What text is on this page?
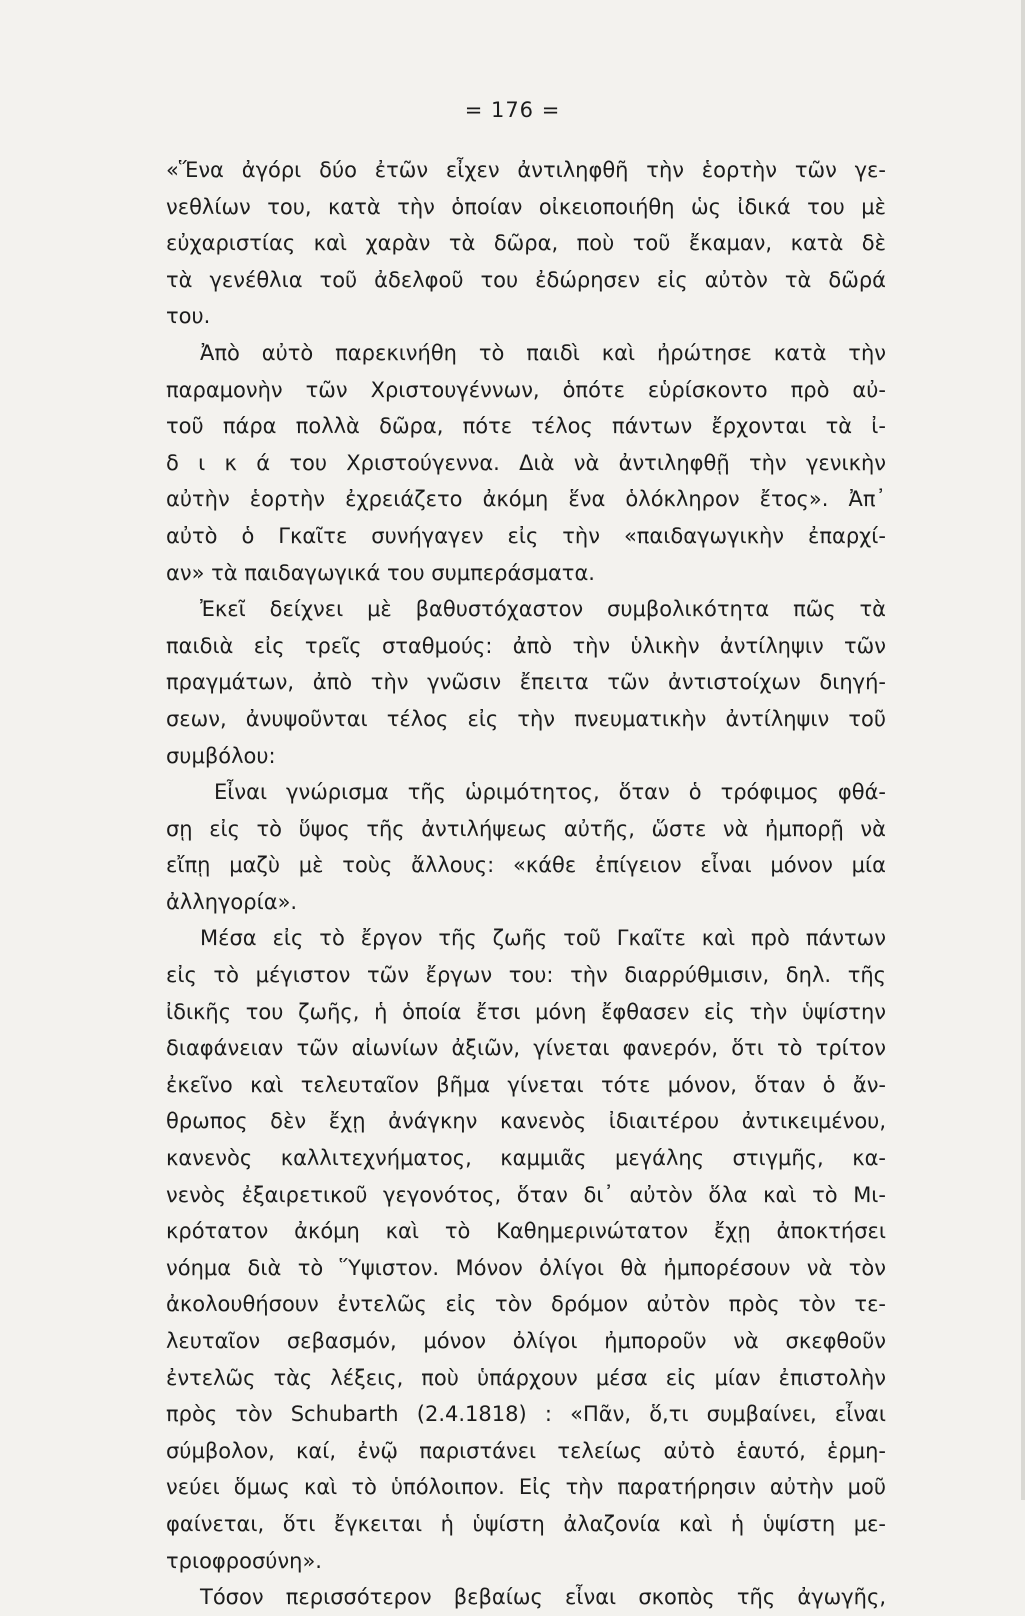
= 176 =
«Ἕνα ἀγόρι δύο ἐτῶν εἶχεν ἀντιληφθῆ τὴν ἑορτὴν τῶν γε-
νεθλίων του, κατὰ τὴν ὁποίαν οἰκειοποιήθη ὡς ἰδικά του μὲ
εὐχαριστίας καὶ χαρὰν τὰ δῶρα, ποὺ τοῦ ἔκαμαν, κατὰ δὲ
τὰ γενέθλια τοῦ ἀδελφοῦ του ἐδώρησεν εἰς αὐτὸν τὰ δῶρά
του.
Ἀπὸ αὐτὸ παρεκινήθη τὸ παιδὶ καὶ ἠρώτησε κατὰ τὴν
παραμονὴν τῶν Χριστουγέννων, ὁπότε εὑρίσκοντο πρὸ αὐ-
τοῦ πάρα πολλὰ δῶρα, πότε τέλος πάντων ἔρχονται τὰ ἰ-
δ ι κ ά του Χριστούγεννα. Διὰ νὰ ἀντιληφθῇ τὴν γενικὴν
αὐτὴν ἑορτὴν ἐχρειάζετο ἀκόμη ἕνα ὁλόκληρον ἔτος». Ἀπ᾽
αὐτὸ ὁ Γκαῖτε συνήγαγεν εἰς τὴν «παιδαγωγικὴν ἐπαρχί-
αν» τὰ παιδαγωγικά του συμπεράσματα.
Ἐκεῖ δείχνει μὲ βαθυστόχαστον συμβολικότητα πῶς τὰ
παιδιὰ εἰς τρεῖς σταθμούς: ἀπὸ τὴν ὑλικὴν ἀντίληψιν τῶν
πραγμάτων, ἀπὸ τὴν γνῶσιν ἔπειτα τῶν ἀντιστοίχων διηγή-
σεων, ἀνυψοῦνται τέλος εἰς τὴν πνευματικὴν ἀντίληψιν τοῦ
συμβόλου:
Εἶναι γνώρισμα τῆς ὡριμότητος, ὅταν ὁ τρόφιμος φθά-
σῃ εἰς τὸ ὕψος τῆς ἀντιλήψεως αὐτῆς, ὥστε νὰ ἠμπορῇ νὰ
εἴπῃ μαζὺ μὲ τοὺς ἄλλους: «κάθε ἐπίγειον εἶναι μόνον μία
ἀλληγορία».
Μέσα εἰς τὸ ἔργον τῆς ζωῆς τοῦ Γκαῖτε καὶ πρὸ πάντων
εἰς τὸ μέγιστον τῶν ἔργων του: τὴν διαρρύθμισιν, δηλ. τῆς
ἰδικῆς του ζωῆς, ἡ ὁποία ἔτσι μόνη ἔφθασεν εἰς τὴν ὑψίστην
διαφάνειαν τῶν αἰωνίων ἀξιῶν, γίνεται φανερόν, ὅτι τὸ τρίτον
ἐκεῖνο καὶ τελευταῖον βῆμα γίνεται τότε μόνον, ὅταν ὁ ἄν-
θρωπος δὲν ἔχῃ ἀνάγκην κανενὸς ἰδιαιτέρου ἀντικειμένου,
κανενὸς καλλιτεχνήματος, καμμιᾶς μεγάλης στιγμῆς, κα-
νενὸς ἐξαιρετικοῦ γεγονότος, ὅταν δι᾽ αὐτὸν ὅλα καὶ τὸ Μι-
κρότατον ἀκόμη καὶ τὸ Καθημερινώτατον ἔχῃ ἀποκτήσει
νόημα διὰ τὸ Ὕψιστον. Μόνον ὀλίγοι θὰ ἠμπορέσουν νὰ τὸν
ἀκολουθήσουν ἐντελῶς εἰς τὸν δρόμον αὐτὸν πρὸς τὸν τε-
λευταῖον σεβασμόν, μόνον ὀλίγοι ἠμποροῦν νὰ σκεφθοῦν
ἐντελῶς τὰς λέξεις, ποὺ ὑπάρχουν μέσα εἰς μίαν ἐπιστολὴν
πρὸς τὸν Schubarth (2.4.1818) : «Πᾶν, ὅ,τι συμβαίνει, εἶναι
σύμβολον, καί, ἐνῷ παριστάνει τελείως αὐτὸ ἑαυτό, ἑρμη-
νεύει ὅμως καὶ τὸ ὑπόλοιπον. Εἰς τὴν παρατήρησιν αὐτὴν μοῦ
φαίνεται, ὅτι ἔγκειται ἡ ὑψίστη ἀλαζονία καὶ ἡ ὑψίστη με-
τριοφροσύνη».
Τόσον περισσότερον βεβαίως εἶναι σκοπὸς τῆς ἀγωγῆς,
